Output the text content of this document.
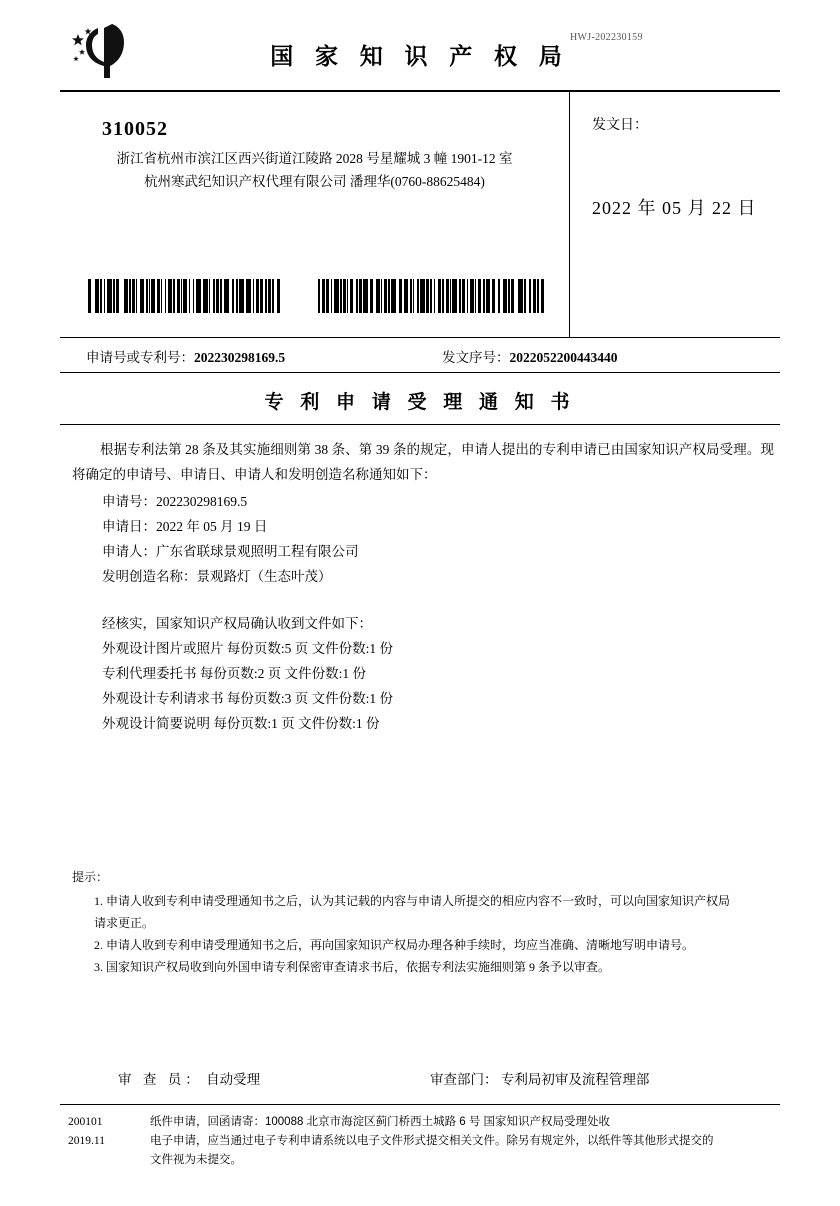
HWJ-202230159
国 家 知 识 产 权 局
310052
浙江省杭州市滨江区西兴街道江陵路 2028 号星耀城 3 幢 1901-12 室
杭州寒武纪知识产权代理有限公司 潘理华(0760-88625484)
发文日：
2022 年 05 月 22 日
申请号或专利号：202230298169.5	发文序号：2022052200443440
专 利 申 请 受 理 通 知 书
根据专利法第 28 条及其实施细则第 38 条、第 39 条的规定，申请人提出的专利申请已由国家知识产权局受理。现将确定的申请号、申请日、申请人和发明创造名称通知如下：
申请号：202230298169.5
申请日：2022 年 05 月 19 日
申请人：广东省联球景观照明工程有限公司
发明创造名称：景观路灯（生态叶茂）
经核实，国家知识产权局确认收到文件如下：
外观设计图片或照片 每份页数:5 页 文件份数:1 份
专利代理委托书 每份页数:2 页 文件份数:1 份
外观设计专利请求书 每份页数:3 页 文件份数:1 份
外观设计简要说明 每份页数:1 页 文件份数:1 份
提示：
1. 申请人收到专利申请受理通知书之后，认为其记载的内容与申请人所提交的相应内容不一致时，可以向国家知识产权局
请求更正。
2. 申请人收到专利申请受理通知书之后，再向国家知识产权局办理各种手续时，均应当准确、清晰地写明申请号。
3. 国家知识产权局收到向外国申请专利保密审查请求书后，依据专利法实施细则第 9 条予以审查。
审 查 员： 自动受理	审查部门： 专利局初审及流程管理部
200101	纸件申请，回函请寄：100088 北京市海淀区蓟门桥西土城路 6 号 国家知识产权局受理处收
2019.11	电子申请，应当通过电子专利申请系统以电子文件形式提交相关文件。除另有规定外，以纸件等其他形式提交的
文件视为未提交。
